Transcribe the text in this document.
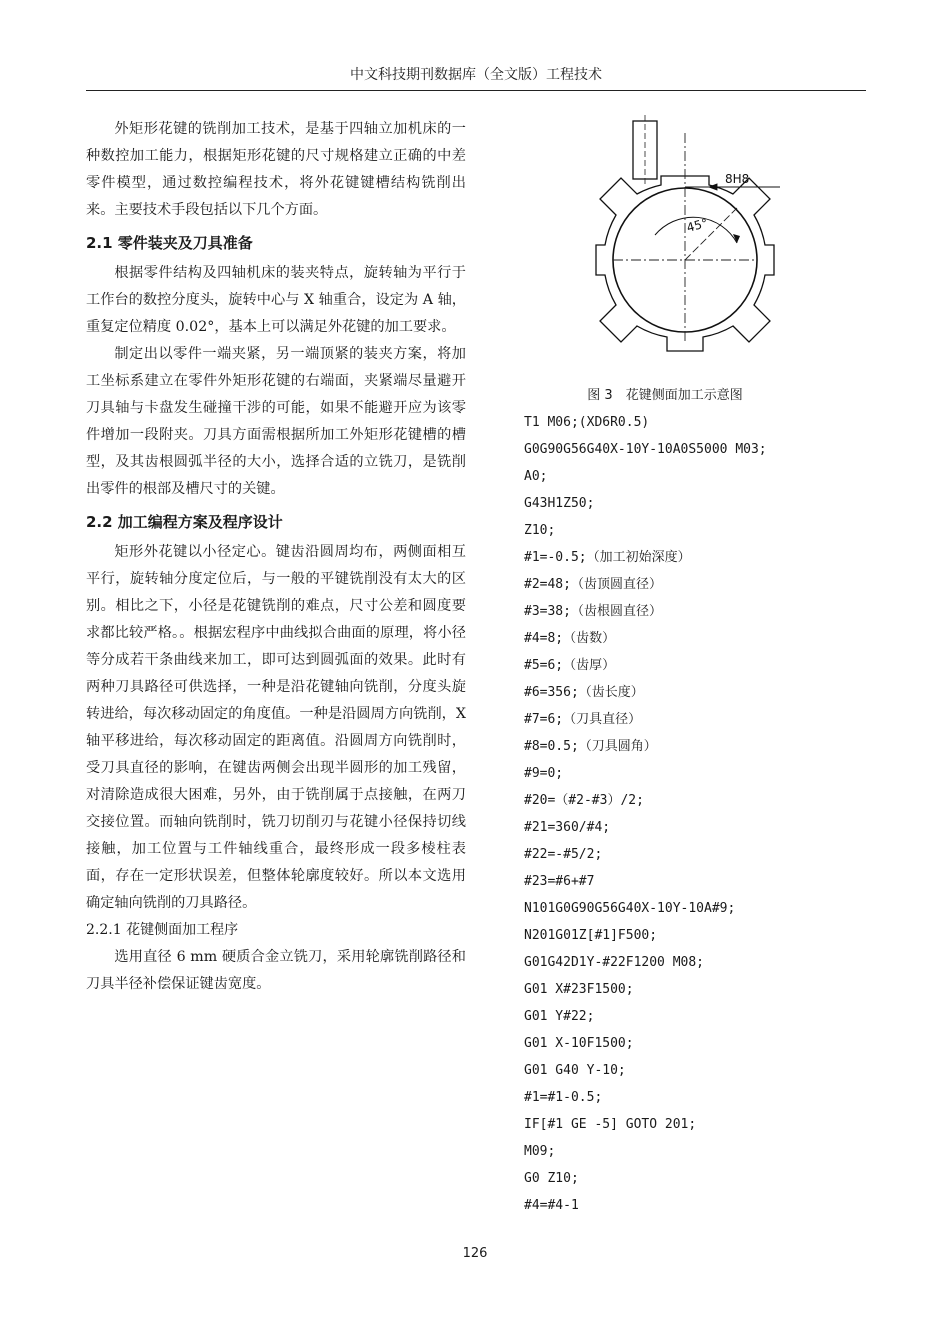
中文科技期刊数据库（全文版）工程技术

外矩形花键的铣削加工技术，是基于四轴立加机床的一种数控加工能力，根据矩形花键的尺寸规格建立正确的中差零件模型，通过数控编程技术，将外花键键槽结构铣削出来。主要技术手段包括以下几个方面。

2.1 零件装夹及刀具准备

根据零件结构及四轴机床的装夹特点，旋转轴为平行于工作台的数控分度头，旋转中心与 X 轴重合，设定为 A 轴，重复定位精度 0.02°，基本上可以满足外花键的加工要求。

制定出以零件一端夹紧，另一端顶紧的装夹方案，将加工坐标系建立在零件外矩形花键的右端面，夹紧端尽量避开刀具轴与卡盘发生碰撞干涉的可能，如果不能避开应为该零件增加一段附夹。刀具方面需根据所加工外矩形花键槽的槽型，及其齿根圆弧半径的大小，选择合适的立铣刀，是铣削出零件的根部及槽尺寸的关键。

2.2 加工编程方案及程序设计

矩形外花键以小径定心。键齿沿圆周均布，两侧面相互平行，旋转轴分度定位后，与一般的平键铣削没有太大的区别。相比之下，小径是花键铣削的难点，尺寸公差和圆度要求都比较严格。。根据宏程序中曲线拟合曲面的原理，将小径等分成若干条曲线来加工，即可达到圆弧面的效果。此时有两种刀具路径可供选择，一种是沿花键轴向铣削，分度头旋转进给，每次移动固定的角度值。一种是沿圆周方向铣削，X 轴平移进给，每次移动固定的距离值。沿圆周方向铣削时，受刀具直径的影响，在键齿两侧会出现半圆形的加工残留，对清除造成很大困难，另外，由于铣削属于点接触，在两刀交接位置。而轴向铣削时，铣刀切削刃与花键小径保持切线接触，加工位置与工件轴线重合，最终形成一段多棱柱表面，存在一定形状误差，但整体轮廓度较好。所以本文选用确定轴向铣削的刀具路径。

2.2.1 花键侧面加工程序

选用直径 6 mm 硬质合金立铣刀，采用轮廓铣削路径和刀具半径补偿保证键齿宽度。

8H8
45°
图 3　花键侧面加工示意图
T1 M06;(XD6R0.5)
G0G90G56G40X-10Y-10A0S5000 M03;
A0;
G43H1Z50;
Z10;
#1=-0.5;（加工初始深度）
#2=48;（齿顶圆直径）
#3=38;（齿根圆直径）
#4=8;（齿数）
#5=6;（齿厚）
#6=356;（齿长度）
#7=6;（刀具直径）
#8=0.5;（刀具圆角）
#9=0;
#20=（#2-#3）/2;
#21=360/#4;
#22=-#5/2;
#23=#6+#7
N101G0G90G56G40X-10Y-10A#9;
N201G01Z[#1]F500;
G01G42D1Y-#22F1200 M08;
G01 X#23F1500;
G01 Y#22;
G01 X-10F1500;
G01 G40 Y-10;
#1=#1-0.5;
IF[#1 GE -5] GOTO 201;
M09;
G0 Z10;
#4=#4-1
126
